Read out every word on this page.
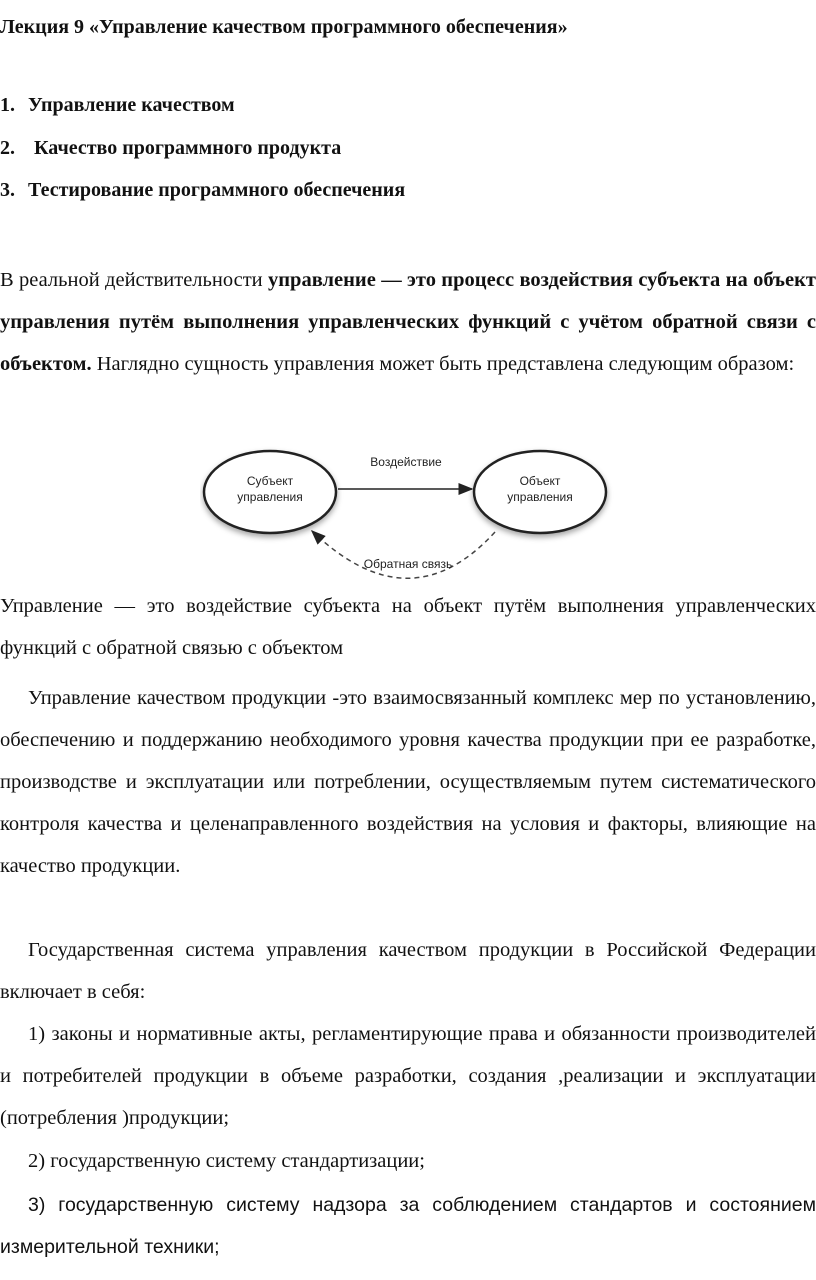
Лекция 9 «Управление качеством программного обеспечения»
1. Управление качеством
2. Качество программного продукта
3. Тестирование программного обеспечения
В реальной действительности управление — это процесс воздействия субъекта на объект управления путём выполнения управленческих функций с учётом обратной связи с объектом. Наглядно сущность управления может быть представлена следующим образом:
Субъект
управления
Объект
управления
Воздействие
Обратная связь
Управление — это воздействие субъекта на объект путём выполнения управленческих функций с обратной связью с объектом
Управление качеством продукции -это взаимосвязанный комплекс мер по установлению, обеспечению и поддержанию необходимого уровня качества продукции при ее разработке, производстве и эксплуатации или потреблении, осуществляемым путем систематического контроля качества и целенаправленного воздействия на условия и факторы, влияющие на качество продукции.
Государственная система управления качеством продукции в Российской Федерации включает в себя:
1) законы и нормативные акты, регламентирующие права и обязанности производителей и потребителей продукции в объеме разработки, создания ,реализации и эксплуатации (потребления )продукции;
2) государственную систему стандартизации;
3) государственную систему надзора за соблюдением стандартов и состоянием измерительной техники;
